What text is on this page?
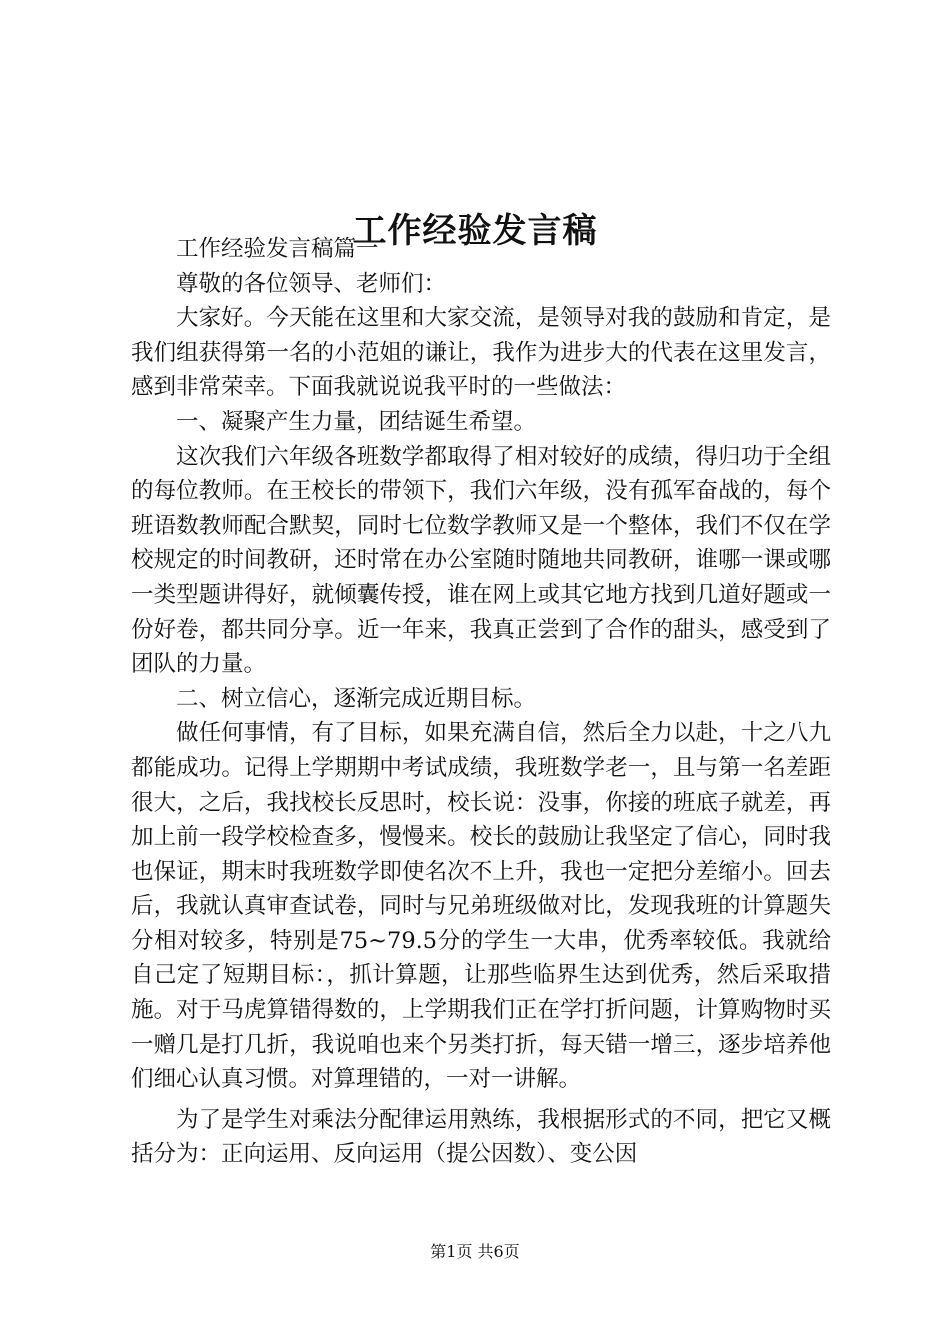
工作经验发言稿

工作经验发言稿篇一

尊敬的各位领导、老师们：

大家好。今天能在这里和大家交流，是领导对我的鼓励和肯定，是我们组获得第一名的小范姐的谦让，我作为进步大的代表在这里发言，感到非常荣幸。下面我就说说我平时的一些做法：

一、凝聚产生力量，团结诞生希望。

这次我们六年级各班数学都取得了相对较好的成绩，得归功于全组的每位教师。在王校长的带领下，我们六年级，没有孤军奋战的，每个班语数教师配合默契，同时七位数学教师又是一个整体，我们不仅在学校规定的时间教研，还时常在办公室随时随地共同教研，谁哪一课或哪一类型题讲得好，就倾囊传授，谁在网上或其它地方找到几道好题或一份好卷，都共同分享。近一年来，我真正尝到了合作的甜头，感受到了团队的力量。

二、树立信心，逐渐完成近期目标。

做任何事情，有了目标，如果充满自信，然后全力以赴，十之八九都能成功。记得上学期期中考试成绩，我班数学老一，且与第一名差距很大，之后，我找校长反思时，校长说：没事，你接的班底子就差，再加上前一段学校检查多，慢慢来。校长的鼓励让我坚定了信心，同时我也保证，期末时我班数学即使名次不上升，我也一定把分差缩小。回去后，我就认真审查试卷，同时与兄弟班级做对比，发现我班的计算题失分相对较多，特别是75~79.5分的学生一大串，优秀率较低。我就给自己定了短期目标：，抓计算题，让那些临界生达到优秀，然后采取措施。对于马虎算错得数的，上学期我们正在学打折问题，计算购物时买一赠几是打几折，我说咱也来个另类打折，每天错一增三，逐步培养他们细心认真习惯。对算理错的，一对一讲解。

为了是学生对乘法分配律运用熟练，我根据形式的不同，把它又概括分为：正向运用、反向运用（提公因数）、变公因

第1页 共6页
